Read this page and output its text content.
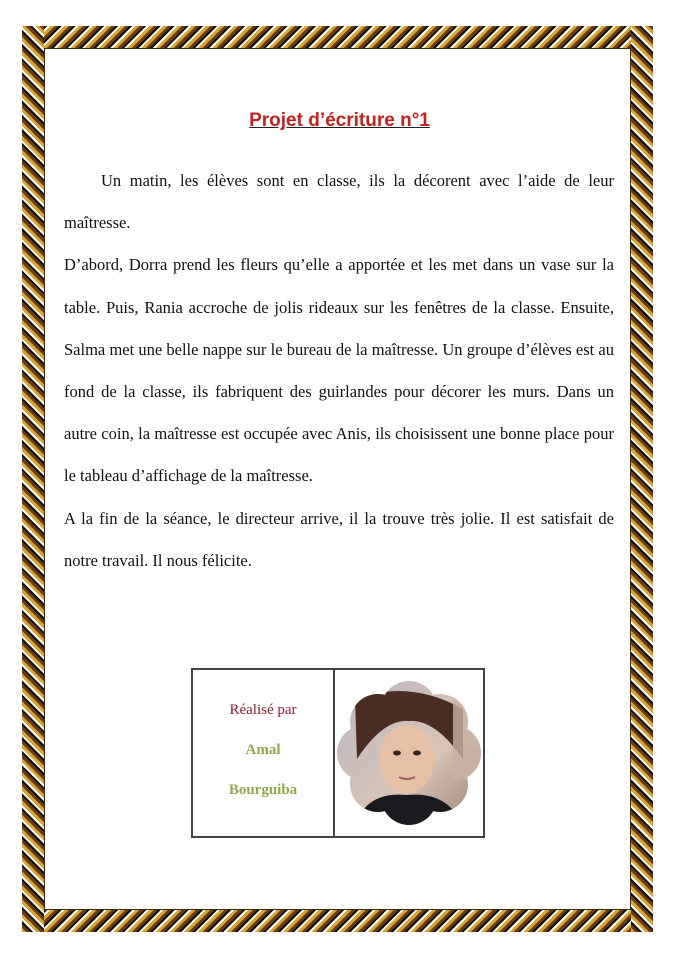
Projet d’écriture n°1

Un matin, les élèves sont en classe, ils la décorent avec l’aide de leur maîtresse.

D’abord, Dorra prend les fleurs qu’elle a apportée et les met dans un vase sur la table. Puis, Rania accroche de jolis rideaux sur les fenêtres de la classe. Ensuite, Salma met une belle nappe sur le bureau de la maîtresse. Un groupe d’élèves est au fond de la classe, ils fabriquent des guirlandes pour décorer les murs. Dans un autre coin, la maîtresse est occupée avec Anis, ils choisissent une bonne place pour le tableau d’affichage de la maîtresse.

A la fin de la séance, le directeur arrive, il la trouve très jolie. Il est satisfait de notre travail. Il nous félicite.

Réalisé par
Amal
Bourguiba
